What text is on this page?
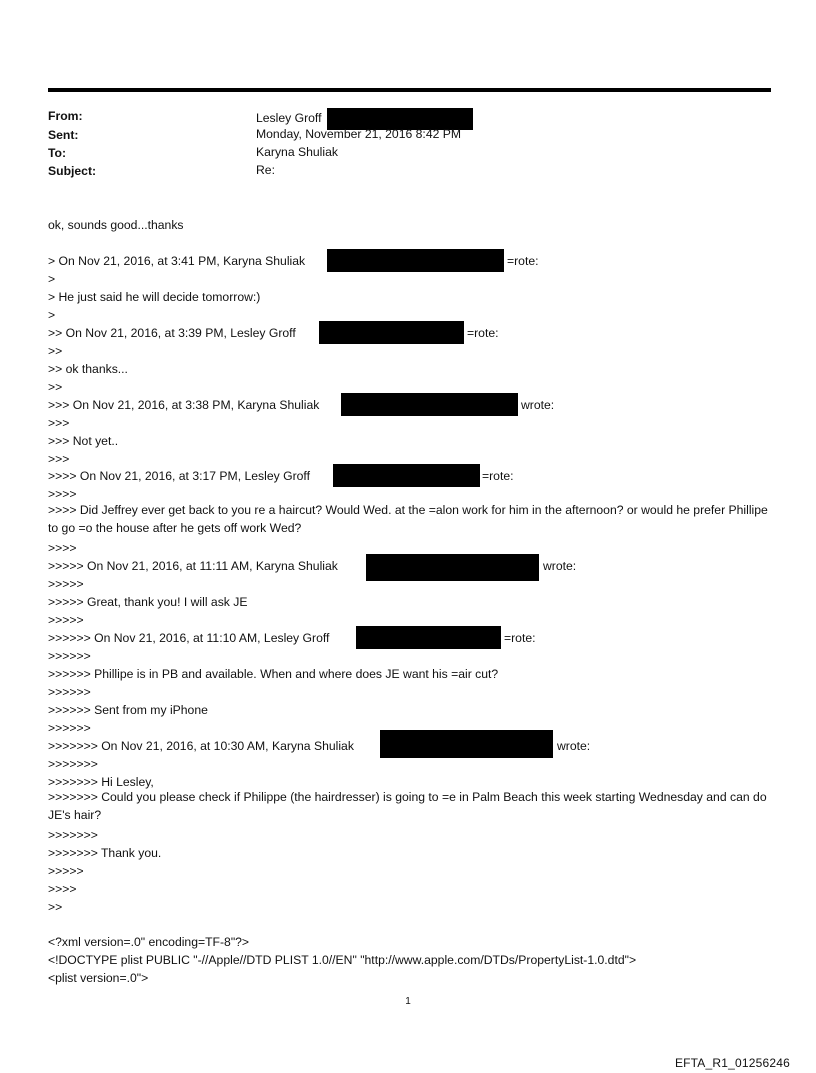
From:	Lesley Groff
Sent:	Monday, November 21, 2016 8:42 PM
To:	Karyna Shuliak
Subject:	Re:
ok, sounds good...thanks
> On Nov 21, 2016, at 3:41 PM, Karyna Shuliak	=rote:
>
> He just said he will decide tomorrow:)
>
>> On Nov 21, 2016, at 3:39 PM, Lesley Groff	=rote:
>>
>> ok thanks...
>>
>>> On Nov 21, 2016, at 3:38 PM, Karyna Shuliak	wrote:
>>>
>>> Not yet..
>>>
>>>> On Nov 21, 2016, at 3:17 PM, Lesley Groff	=rote:
>>>>
>>>> Did Jeffrey ever get back to you re a haircut? Would Wed. at the =alon work for him in the afternoon? or would he prefer Phillipe to go =o the house after he gets off work Wed?
>>>>
>>>>> On Nov 21, 2016, at 11:11 AM, Karyna Shuliak	wrote:
>>>>>
>>>>> Great, thank you! I will ask JE
>>>>>
>>>>>> On Nov 21, 2016, at 11:10 AM, Lesley Groff	=rote:
>>>>>>
>>>>>> Phillipe is in PB and available. When and where does JE want his =air cut?
>>>>>>
>>>>>> Sent from my iPhone
>>>>>>
>>>>>>> On Nov 21, 2016, at 10:30 AM, Karyna Shuliak	wrote:
>>>>>>>
>>>>>>> Hi Lesley,
>>>>>>> Could you please check if Philippe (the hairdresser) is going to =e in Palm Beach this week starting Wednesday and can do JE's hair?
>>>>>>>
>>>>>>> Thank you.
>>>>>
>>>>
>>
<?xml version=.0" encoding=TF-8"?>
<!DOCTYPE plist PUBLIC "-//Apple//DTD PLIST 1.0//EN" "http://www.apple.com/DTDs/PropertyList-1.0.dtd">
<plist version=.0">
1
EFTA_R1_01256246
